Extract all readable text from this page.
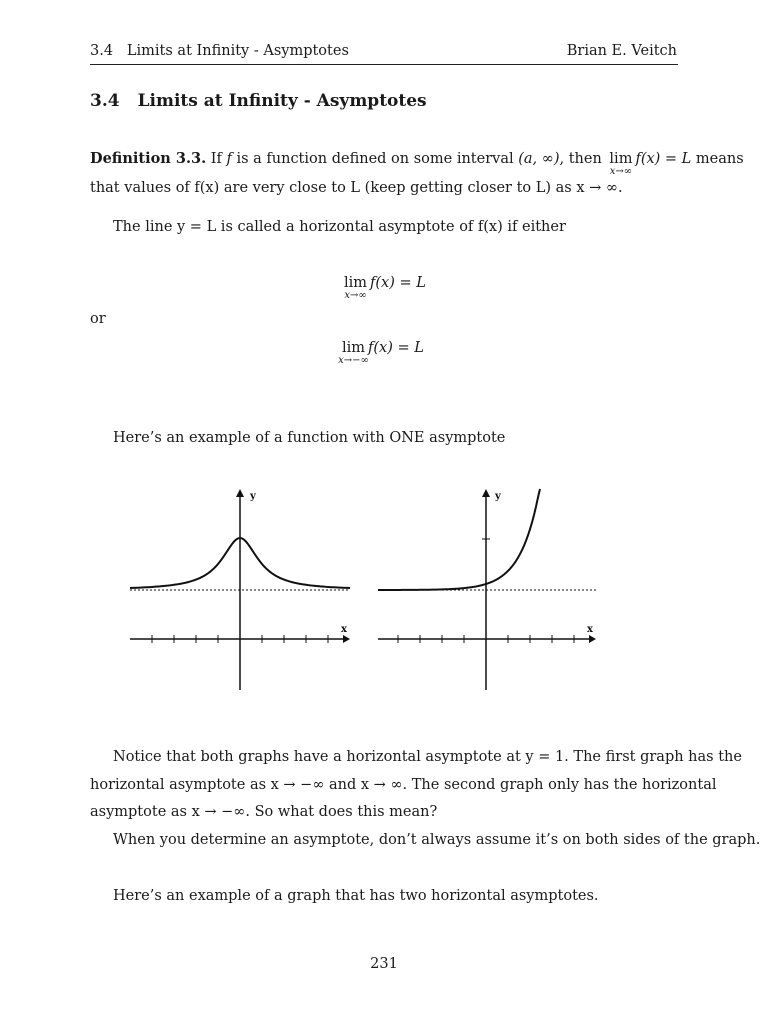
3.4   Limits at Infinity - Asymptotes	Brian E. Veitch
3.4 Limits at Infinity - Asymptotes
Definition 3.3. If f is a function defined on some interval (a, ∞), then lim
x→∞
f(x) = L means
that values of f(x) are very close to L (keep getting closer to L) as x → ∞.
The line y = L is called a horizontal asymptote of f(x) if either
lim
x→∞
f(x) = L
or
lim
x→−∞
f(x) = L
Here’s an example of a function with ONE asymptote
y
x
y
x
Notice that both graphs have a horizontal asymptote at y = 1. The first graph has the
horizontal asymptote as x → −∞ and x → ∞. The second graph only has the horizontal
asymptote as x → −∞. So what does this mean?
When you determine an asymptote, don’t always assume it’s on both sides of the graph.
Here’s an example of a graph that has two horizontal asymptotes.
231
